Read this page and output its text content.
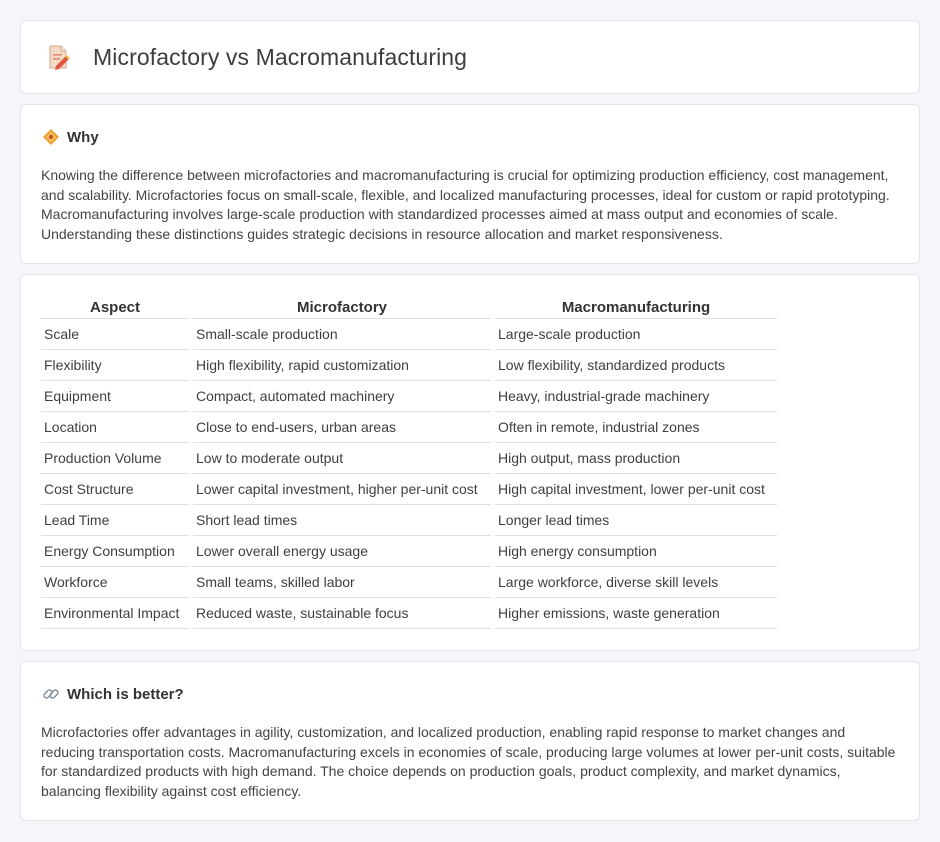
Microfactory vs Macromanufacturing
Why

Knowing the difference between microfactories and macromanufacturing is crucial for optimizing production efficiency, cost management, and scalability. Microfactories focus on small-scale, flexible, and localized manufacturing processes, ideal for custom or rapid prototyping. Macromanufacturing involves large-scale production with standardized processes aimed at mass output and economies of scale. Understanding these distinctions guides strategic decisions in resource allocation and market responsiveness.

Aspect	Microfactory	Macromanufacturing
Scale	Small-scale production	Large-scale production
Flexibility	High flexibility, rapid customization	Low flexibility, standardized products
Equipment	Compact, automated machinery	Heavy, industrial-grade machinery
Location	Close to end-users, urban areas	Often in remote, industrial zones
Production Volume	Low to moderate output	High output, mass production
Cost Structure	Lower capital investment, higher per-unit cost	High capital investment, lower per-unit cost
Lead Time	Short lead times	Longer lead times
Energy Consumption	Lower overall energy usage	High energy consumption
Workforce	Small teams, skilled labor	Large workforce, diverse skill levels
Environmental Impact	Reduced waste, sustainable focus	Higher emissions, waste generation
Which is better?

Microfactories offer advantages in agility, customization, and localized production, enabling rapid response to market changes and reducing transportation costs. Macromanufacturing excels in economies of scale, producing large volumes at lower per-unit costs, suitable for standardized products with high demand. The choice depends on production goals, product complexity, and market dynamics, balancing flexibility against cost efficiency.
